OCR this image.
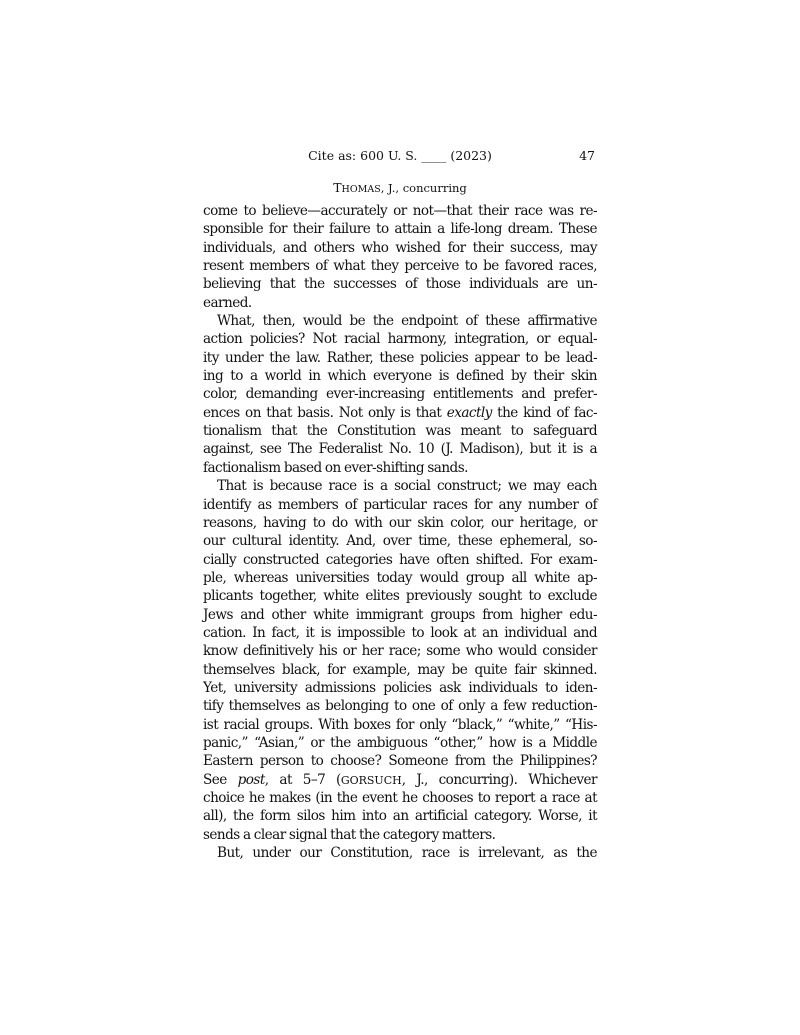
Cite as: 600 U. S. ____ (2023)	47
THOMAS, J., concurring
come to believe—accurately or not—that their race was re-
sponsible for their failure to attain a life-long dream. These
individuals, and others who wished for their success, may
resent members of what they perceive to be favored races,
believing that the successes of those individuals are un-
earned.
What, then, would be the endpoint of these affirmative
action policies? Not racial harmony, integration, or equal-
ity under the law. Rather, these policies appear to be lead-
ing to a world in which everyone is defined by their skin
color, demanding ever-increasing entitlements and prefer-
ences on that basis. Not only is that exactly the kind of fac-
tionalism that the Constitution was meant to safeguard
against, see The Federalist No. 10 (J. Madison), but it is a
factionalism based on ever-shifting sands.
That is because race is a social construct; we may each
identify as members of particular races for any number of
reasons, having to do with our skin color, our heritage, or
our cultural identity. And, over time, these ephemeral, so-
cially constructed categories have often shifted. For exam-
ple, whereas universities today would group all white ap-
plicants together, white elites previously sought to exclude
Jews and other white immigrant groups from higher edu-
cation. In fact, it is impossible to look at an individual and
know definitively his or her race; some who would consider
themselves black, for example, may be quite fair skinned.
Yet, university admissions policies ask individuals to iden-
tify themselves as belonging to one of only a few reduction-
ist racial groups. With boxes for only “black,” “white,” “His-
panic,” “Asian,” or the ambiguous “other,” how is a Middle
Eastern person to choose? Someone from the Philippines?
See post, at 5–7 (GORSUCH, J., concurring). Whichever
choice he makes (in the event he chooses to report a race at
all), the form silos him into an artificial category. Worse, it
sends a clear signal that the category matters.
But, under our Constitution, race is irrelevant, as the
